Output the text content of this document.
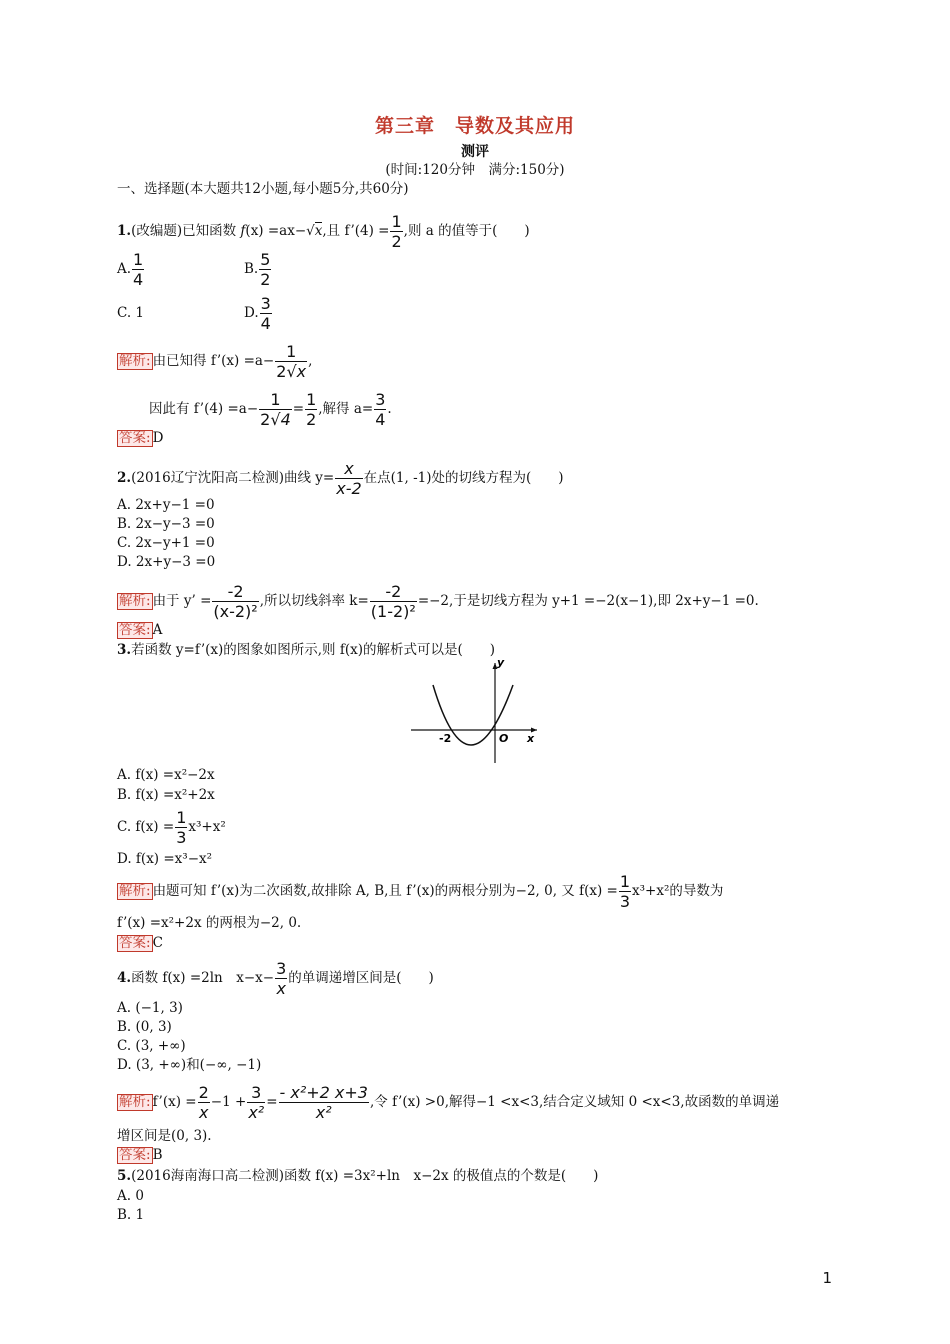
第三章　导数及其应用
测评
(时间:120分钟　满分:150分)
一、选择题(本大题共12小题,每小题5分,共60分)
1.(改编题)已知函数 f(x) =ax−√x,且 f’(4) = $\frac{1}{2}$ ,则 a 的值等于(　　)
A. $\frac{1}{4}$	B. $\frac{5}{2}$
C. 1	D. $\frac{3}{4}$
解析: 由已知得 f’(x) $=a- \frac{1}{2√x}$ ,
因此有 f’(4) $=a- \frac{1}{2√4} = \frac{1}{2}$ ,解得 $a= \frac{3}{4}$ .
答案: D
2.(2016辽宁沈阳高二检测)曲线 $y= \frac{x}{x-2}$ 在点(1, -1)处的切线方程为(　　)
A. 2x+y−1 =0
B. 2x−y−3 =0
C. 2x−y+1 =0
D. 2x+y−3 =0
解析: 由于 y’ = $\frac{-2}{\text{(x-2)²}}$ ,所以切线斜率 $k= \frac{-2}{\text{(1-2)²}} =-2$,于是切线方程为 y+1 =−2(x−1),即 2x+y−1 =0.
答案: A
3.若函数 y=f’(x)的图象如图所示,则 f(x)的解析式可以是(　　)
y
x
O
-2
A. f(x) =x²−2x
B. f(x) =x²+2x
C. $f(x) = \frac{1}{3} x^3+x^2$
D. f(x) =x³−x²
解析: 由题可知 f’(x)为二次函数,故排除 A, B,且 f’(x)的两根分别为−2, 0, 又 $f(x) = \frac{1}{3} x^3+x^2$的导数为
f’(x) =x²+2x 的两根为−2, 0.
答案: C
4.函数 f(x) =2ln　$x-x- \frac{3}{x}$ 的单调递增区间是(　　)
A. (−1, 3)
B. (0, 3)
C. (3, +∞)
D. (3, +∞)和(−∞, −1)
解析: f’(x) = $\frac{2}{x} -1 + \frac{3}{\text{x²}} = \frac{\text{- x²+2 x+3}}{\text{x²}}$ ,令 f’(x) >0,解得−1 <x<3,结合定义域知 0 <x<3,故函数的单调递
增区间是(0, 3).
答案: B
5.(2016海南海口高二检测)函数 f(x) =3x²+ln　x−2x 的极值点的个数是(　　)
A. 0
B. 1
1
